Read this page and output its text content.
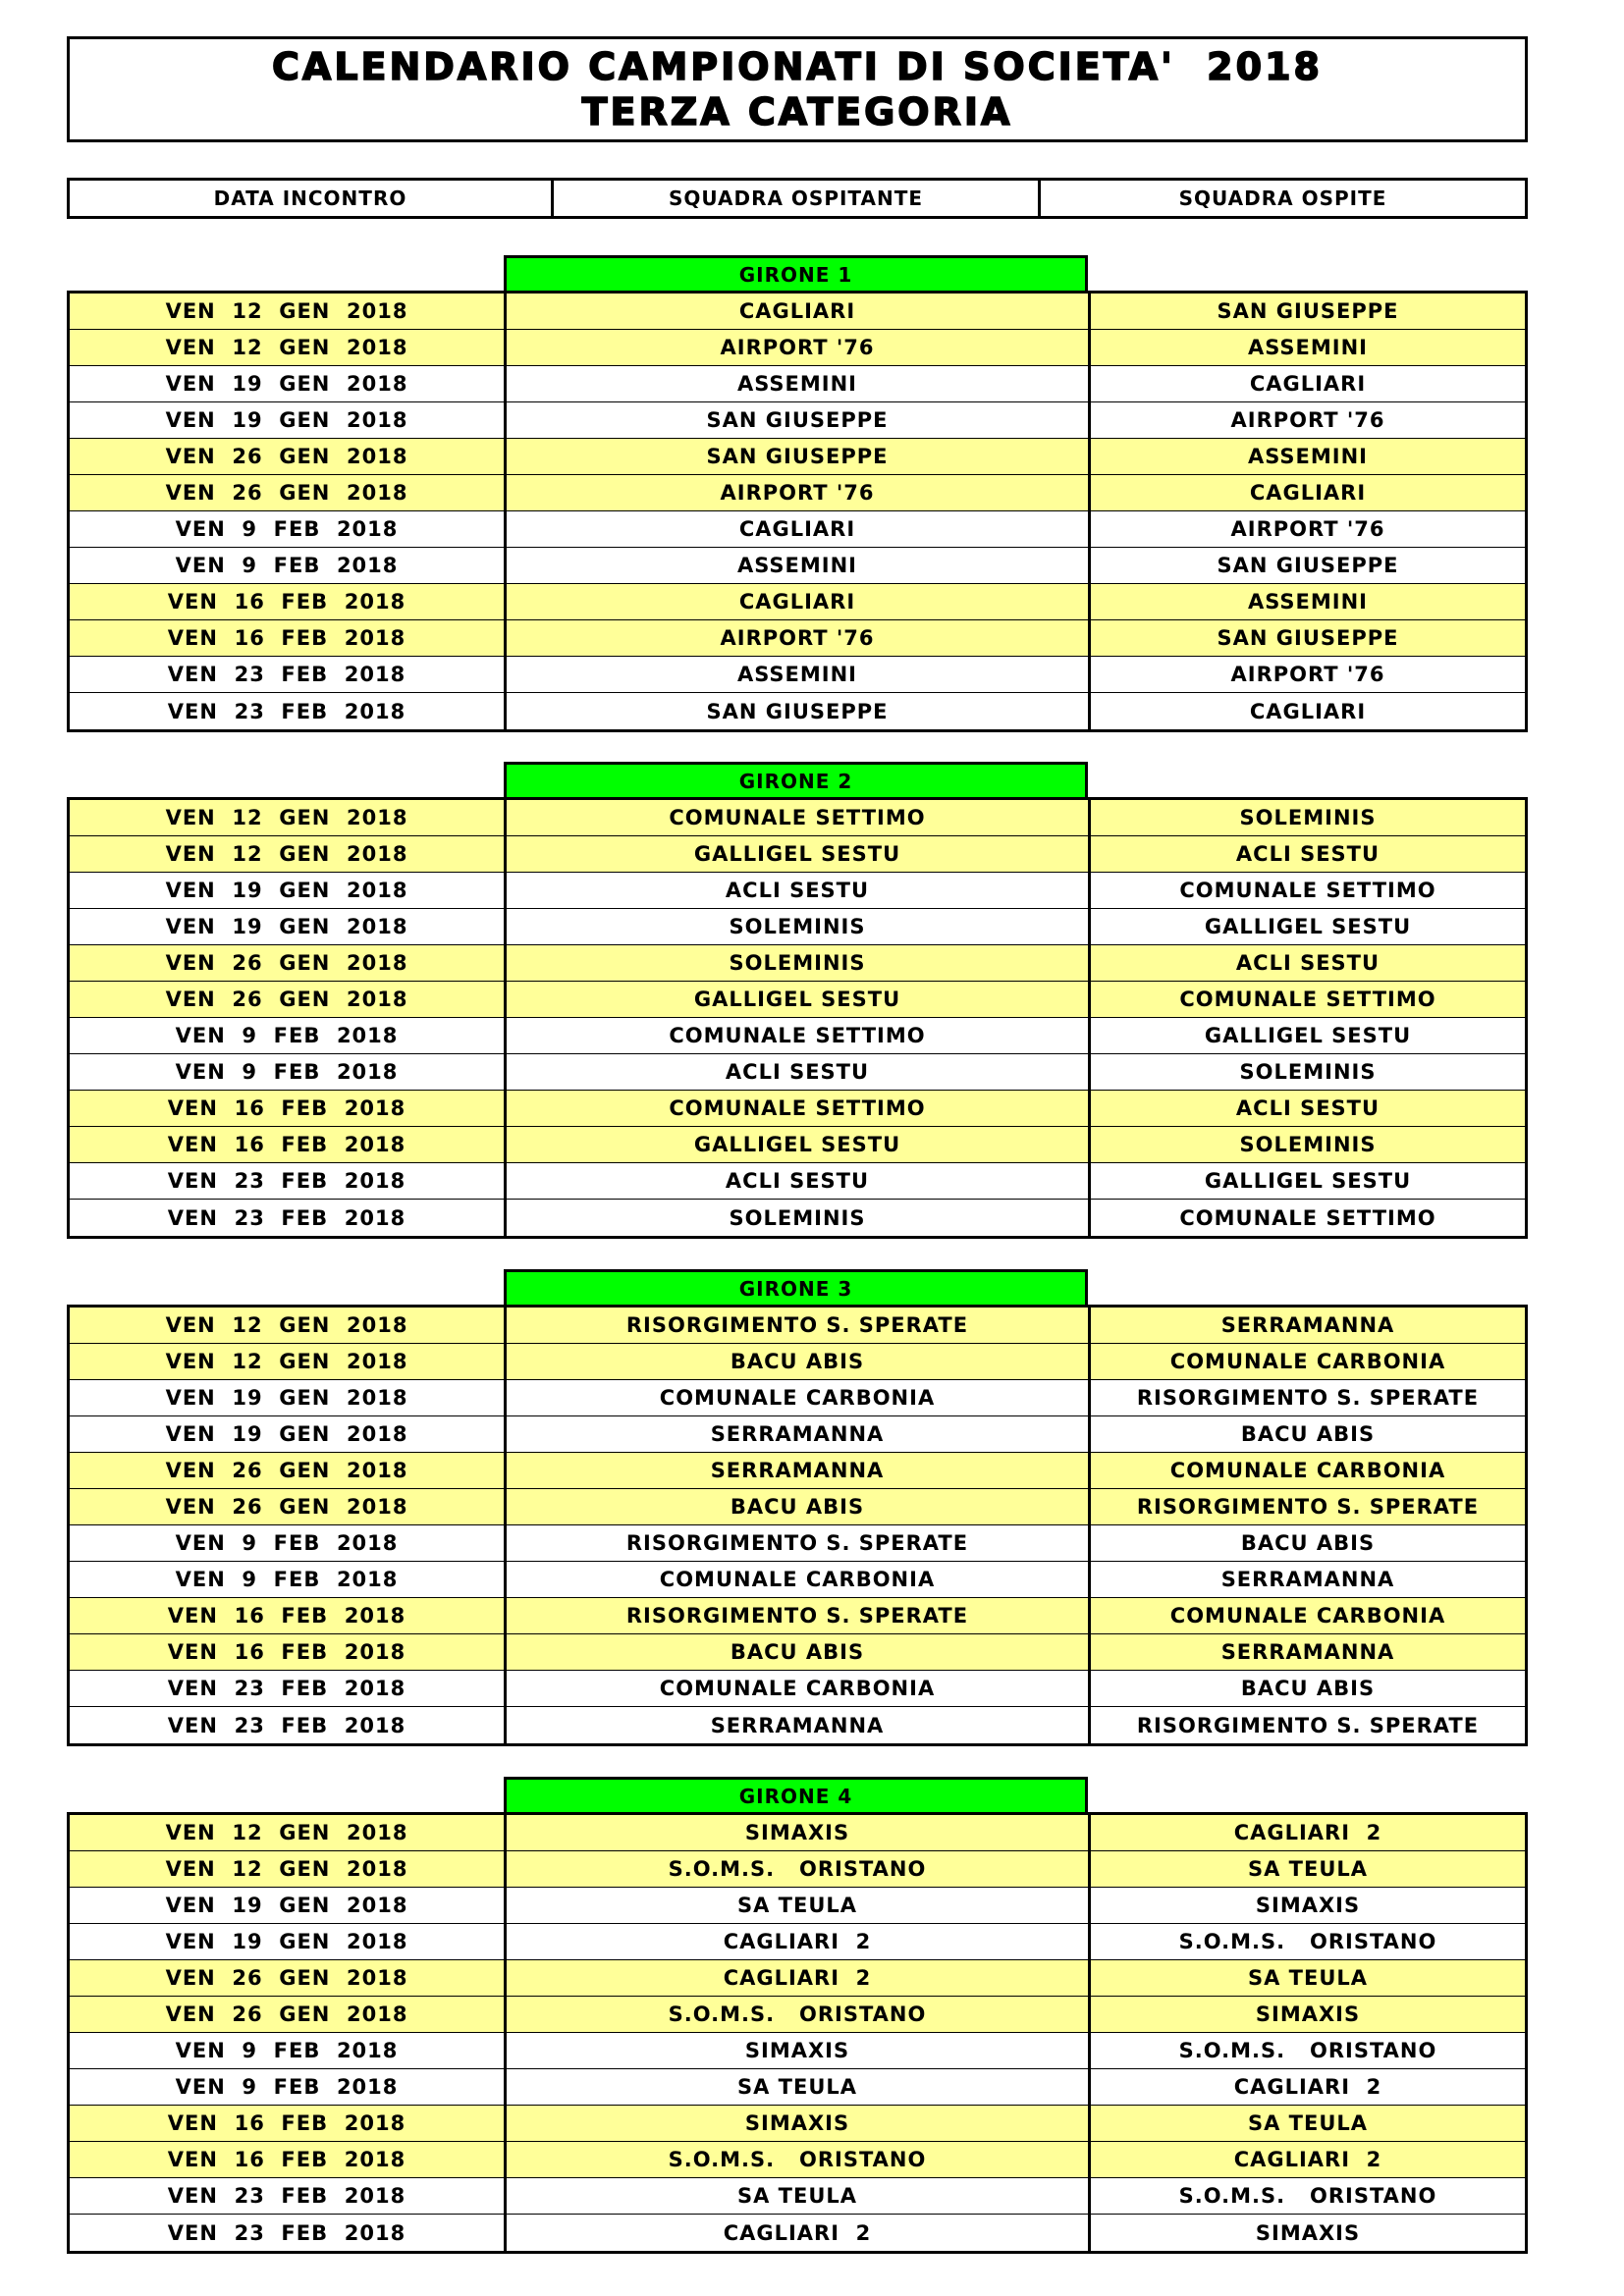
CALENDARIO CAMPIONATI DI SOCIETA'  2018
TERZA CATEGORIA
DATA INCONTRO	SQUADRA OSPITANTE	SQUADRA OSPITE
GIRONE 1
VEN  12  GEN  2018	CAGLIARI	SAN GIUSEPPE
VEN  12  GEN  2018	AIRPORT '76	ASSEMINI
VEN  19  GEN  2018	ASSEMINI	CAGLIARI
VEN  19  GEN  2018	SAN GIUSEPPE	AIRPORT '76
VEN  26  GEN  2018	SAN GIUSEPPE	ASSEMINI
VEN  26  GEN  2018	AIRPORT '76	CAGLIARI
VEN  9  FEB  2018	CAGLIARI	AIRPORT '76
VEN  9  FEB  2018	ASSEMINI	SAN GIUSEPPE
VEN  16  FEB  2018	CAGLIARI	ASSEMINI
VEN  16  FEB  2018	AIRPORT '76	SAN GIUSEPPE
VEN  23  FEB  2018	ASSEMINI	AIRPORT '76
VEN  23  FEB  2018	SAN GIUSEPPE	CAGLIARI
GIRONE 2
VEN  12  GEN  2018	COMUNALE SETTIMO	SOLEMINIS
VEN  12  GEN  2018	GALLIGEL SESTU	ACLI SESTU
VEN  19  GEN  2018	ACLI SESTU	COMUNALE SETTIMO
VEN  19  GEN  2018	SOLEMINIS	GALLIGEL SESTU
VEN  26  GEN  2018	SOLEMINIS	ACLI SESTU
VEN  26  GEN  2018	GALLIGEL SESTU	COMUNALE SETTIMO
VEN  9  FEB  2018	COMUNALE SETTIMO	GALLIGEL SESTU
VEN  9  FEB  2018	ACLI SESTU	SOLEMINIS
VEN  16  FEB  2018	COMUNALE SETTIMO	ACLI SESTU
VEN  16  FEB  2018	GALLIGEL SESTU	SOLEMINIS
VEN  23  FEB  2018	ACLI SESTU	GALLIGEL SESTU
VEN  23  FEB  2018	SOLEMINIS	COMUNALE SETTIMO
GIRONE 3
VEN  12  GEN  2018	RISORGIMENTO S. SPERATE	SERRAMANNA
VEN  12  GEN  2018	BACU ABIS	COMUNALE CARBONIA
VEN  19  GEN  2018	COMUNALE CARBONIA	RISORGIMENTO S. SPERATE
VEN  19  GEN  2018	SERRAMANNA	BACU ABIS
VEN  26  GEN  2018	SERRAMANNA	COMUNALE CARBONIA
VEN  26  GEN  2018	BACU ABIS	RISORGIMENTO S. SPERATE
VEN  9  FEB  2018	RISORGIMENTO S. SPERATE	BACU ABIS
VEN  9  FEB  2018	COMUNALE CARBONIA	SERRAMANNA
VEN  16  FEB  2018	RISORGIMENTO S. SPERATE	COMUNALE CARBONIA
VEN  16  FEB  2018	BACU ABIS	SERRAMANNA
VEN  23  FEB  2018	COMUNALE CARBONIA	BACU ABIS
VEN  23  FEB  2018	SERRAMANNA	RISORGIMENTO S. SPERATE
GIRONE 4
VEN  12  GEN  2018	SIMAXIS	CAGLIARI  2
VEN  12  GEN  2018	S.O.M.S.   ORISTANO	SA TEULA
VEN  19  GEN  2018	SA TEULA	SIMAXIS
VEN  19  GEN  2018	CAGLIARI  2	S.O.M.S.   ORISTANO
VEN  26  GEN  2018	CAGLIARI  2	SA TEULA
VEN  26  GEN  2018	S.O.M.S.   ORISTANO	SIMAXIS
VEN  9  FEB  2018	SIMAXIS	S.O.M.S.   ORISTANO
VEN  9  FEB  2018	SA TEULA	CAGLIARI  2
VEN  16  FEB  2018	SIMAXIS	SA TEULA
VEN  16  FEB  2018	S.O.M.S.   ORISTANO	CAGLIARI  2
VEN  23  FEB  2018	SA TEULA	S.O.M.S.   ORISTANO
VEN  23  FEB  2018	CAGLIARI  2	SIMAXIS
